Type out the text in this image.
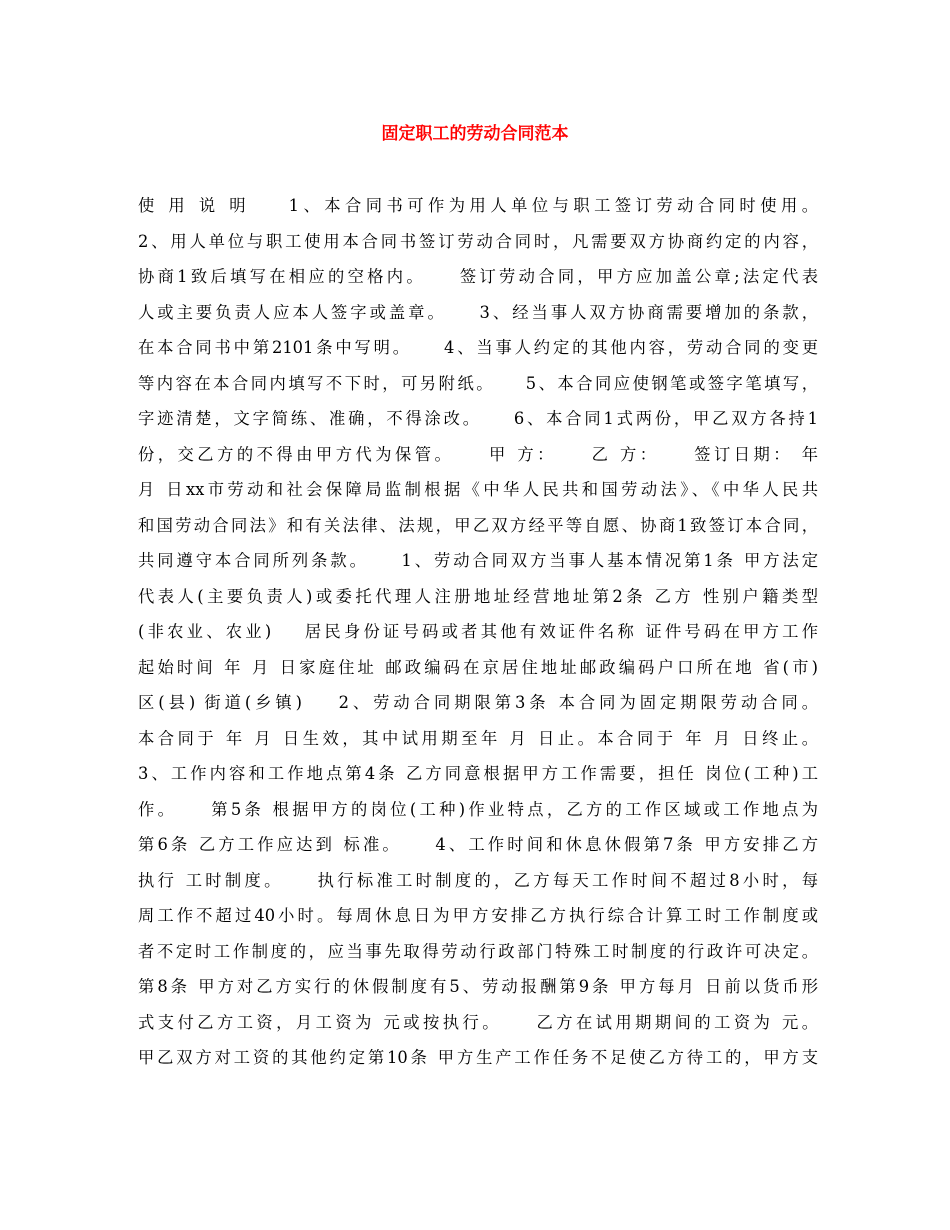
固定职工的劳动合同范本
使 用 说 明    1、本合同书可作为用人单位与职工签订劳动合同时使用。
2、用人单位与职工使用本合同书签订劳动合同时，凡需要双方协商约定的内容，
协商1致后填写在相应的空格内。    签订劳动合同，甲方应加盖公章;法定代表
人或主要负责人应本人签字或盖章。    3、经当事人双方协商需要增加的条款，
在本合同书中第2101条中写明。    4、当事人约定的其他内容，劳动合同的变更
等内容在本合同内填写不下时，可另附纸。    5、本合同应使钢笔或签字笔填写，
字迹清楚，文字简练、准确，不得涂改。    6、本合同1式两份，甲乙双方各持1
份，交乙方的不得由甲方代为保管。    甲 方：    乙 方：    签订日期： 年
月 日xx市劳动和社会保障局监制根据《中华人民共和国劳动法》、《中华人民共
和国劳动合同法》和有关法律、法规，甲乙双方经平等自愿、协商1致签订本合同，
共同遵守本合同所列条款。    1、劳动合同双方当事人基本情况第1条 甲方法定
代表人(主要负责人)或委托代理人注册地址经营地址第2条 乙方 性别户籍类型
(非农业、农业)    居民身份证号码或者其他有效证件名称 证件号码在甲方工作
起始时间 年 月 日家庭住址 邮政编码在京居住地址邮政编码户口所在地 省(市)
区(县) 街道(乡镇)    2、劳动合同期限第3条 本合同为固定期限劳动合同。
本合同于 年 月 日生效，其中试用期至年 月 日止。本合同于 年 月 日终止。
3、工作内容和工作地点第4条 乙方同意根据甲方工作需要，担任 岗位(工种)工
作。    第5条 根据甲方的岗位(工种)作业特点，乙方的工作区域或工作地点为
第6条 乙方工作应达到 标准。    4、工作时间和休息休假第7条 甲方安排乙方
执行 工时制度。    执行标准工时制度的，乙方每天工作时间不超过8小时，每
周工作不超过40小时。每周休息日为甲方安排乙方执行综合计算工时工作制度或
者不定时工作制度的，应当事先取得劳动行政部门特殊工时制度的行政许可决定。
第8条 甲方对乙方实行的休假制度有5、劳动报酬第9条 甲方每月 日前以货币形
式支付乙方工资，月工资为 元或按执行。    乙方在试用期期间的工资为 元。
甲乙双方对工资的其他约定第10条 甲方生产工作任务不足使乙方待工的，甲方支
